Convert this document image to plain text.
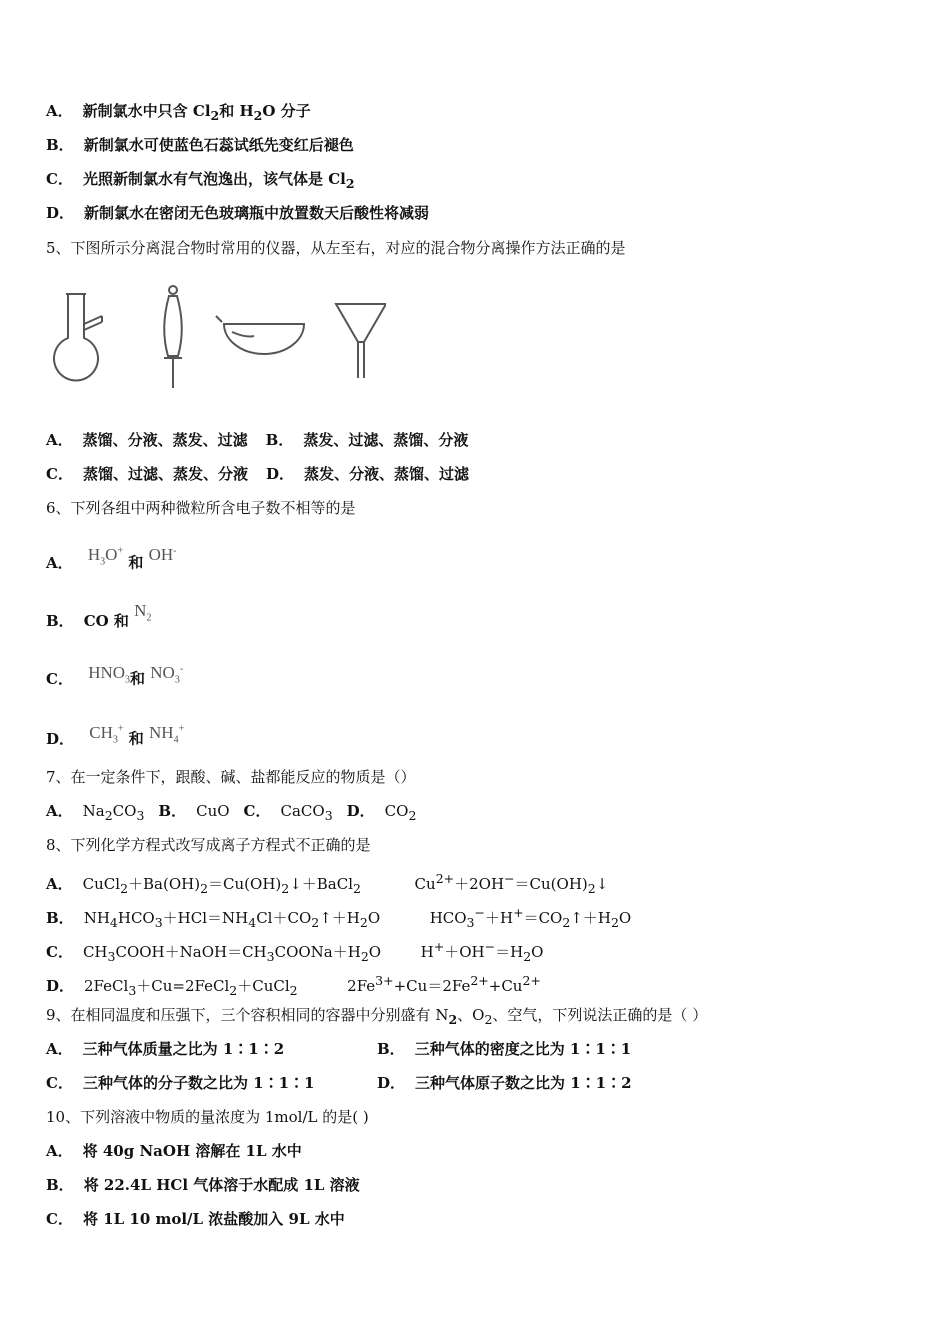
A． 新制氯水中只含 $Cl_2$和 $H_2O$ 分子
B． 新制氯水可使蓝色石蕊试纸先变红后褪色
C． 光照新制氯水有气泡逸出，该气体是 $Cl_2$
D． 新制氯水在密闭无色玻璃瓶中放置数天后酸性将减弱
5、下图所示分离混合物时常用的仪器，从左至右，对应的混合物分离操作方法正确的是
A． 蒸馏、分液、蒸发、过滤 B． 蒸发、过滤、蒸馏、分液
C． 蒸馏、过滤、蒸发、分液 D． 蒸发、分液、蒸馏、过滤
6、下列各组中两种微粒所含电子数不相等的是
A． $H_3O^+$ 和 OH-
B． CO 和 $N_2$
C． $HNO_3$和 $NO_3^-$
D． $CH_3^+$ 和 $NH_4^+$
7、在一定条件下，跟酸、碱、盐都能反应的物质是（）
A． $Na_2CO_3$ B． CuO C． CaCO$_3$ D． $CO_2$
8、下列化学方程式改写成离子方程式不正确的是
A． $CuCl_2+Ba(OH)_2=Cu(OH)_2↓+BaCl_2$	$Cu^{2+}+2OH^-=Cu(OH)_2↓$
B． $NH_4HCO_3+HCl=NH_4Cl+CO_2↑+H_2O$	$HCO_3^-+H^+=CO_2↑+H_2O$
C． $CH_3COOH+NaOH=CH_3COONa+H_2O$	$H^++OH^-=H_2O$
D． 2FeCl$_3$＋Cu=2FeCl$_2$＋CuCl$_2$	$2Fe^{3+}+Cu=2Fe^{2+}+Cu^{2+}$
9、在相同温度和压强下，三个容积相同的容器中分别盛有 $N_2$、$O_2$、空气，下列说法正确的是（ ）
A． 三种气体质量之比为 1∶1∶2	B． 三种气体的密度之比为 1∶1∶1
C． 三种气体的分子数之比为 1∶1∶1	D． 三种气体原子数之比为 1∶1∶2
10、下列溶液中物质的量浓度为 1mol/L 的是( )
A． 将 40g NaOH 溶解在 1L 水中
B． 将 22.4L HCl 气体溶于水配成 1L 溶液
C． 将 1L 10 mol/L 浓盐酸加入 9L 水中
